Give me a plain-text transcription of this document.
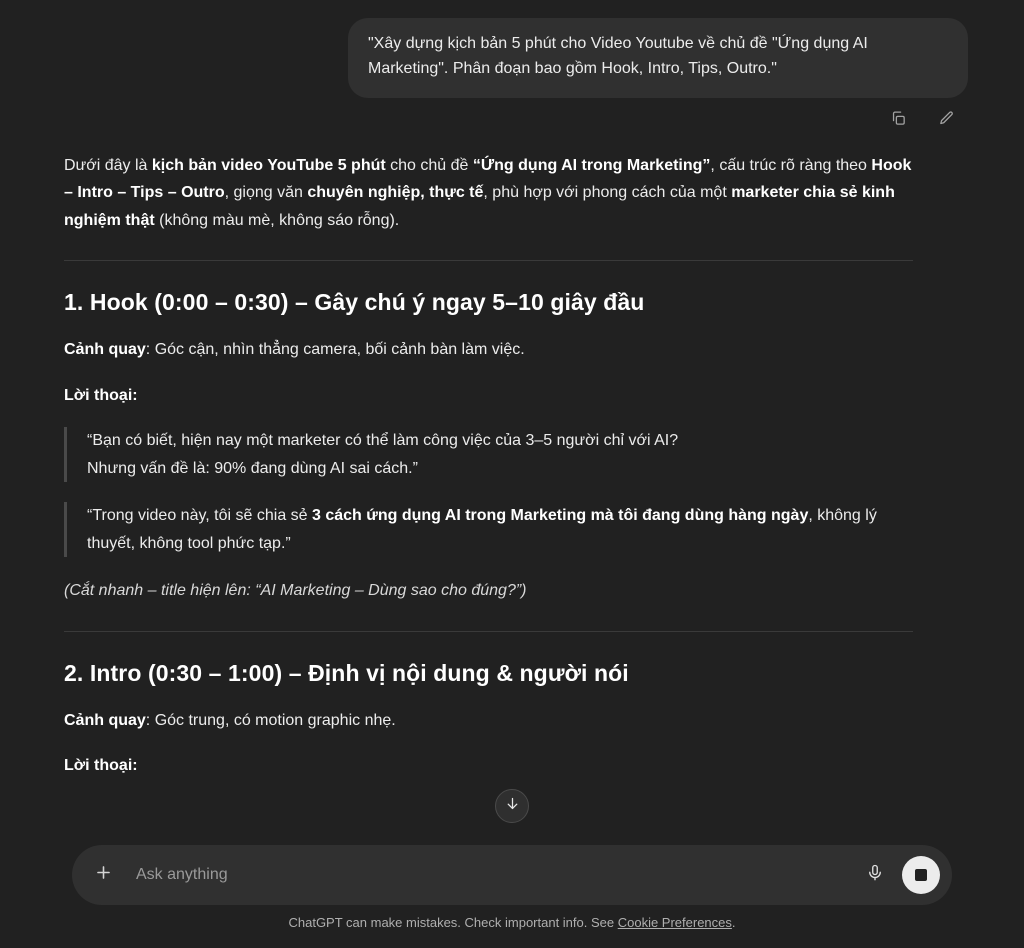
"Xây dựng kịch bản 5 phút cho Video Youtube về chủ đề "Ứng dụng AI Marketing". Phân đoạn bao gồm Hook, Intro, Tips, Outro."

Dưới đây là kịch bản video YouTube 5 phút cho chủ đề “Ứng dụng AI trong Marketing”, cấu trúc rõ ràng theo Hook – Intro – Tips – Outro, giọng văn chuyên nghiệp, thực tế, phù hợp với phong cách của một marketer chia sẻ kinh nghiệm thật (không màu mè, không sáo rỗng).

1. Hook (0:00 – 0:30) – Gây chú ý ngay 5–10 giây đầu

Cảnh quay: Góc cận, nhìn thẳng camera, bối cảnh bàn làm việc.

Lời thoại:

“Bạn có biết, hiện nay một marketer có thể làm công việc của 3–5 người chỉ với AI?
Nhưng vấn đề là: 90% đang dùng AI sai cách.”
“Trong video này, tôi sẽ chia sẻ 3 cách ứng dụng AI trong Marketing mà tôi đang dùng hàng ngày, không lý thuyết, không tool phức tạp.”

(Cắt nhanh – title hiện lên: “AI Marketing – Dùng sao cho đúng?”)

2. Intro (0:30 – 1:00) – Định vị nội dung & người nói

Cảnh quay: Góc trung, có motion graphic nhẹ.

Lời thoại:

Ask anything
ChatGPT can make mistakes. Check important info. See Cookie Preferences.
